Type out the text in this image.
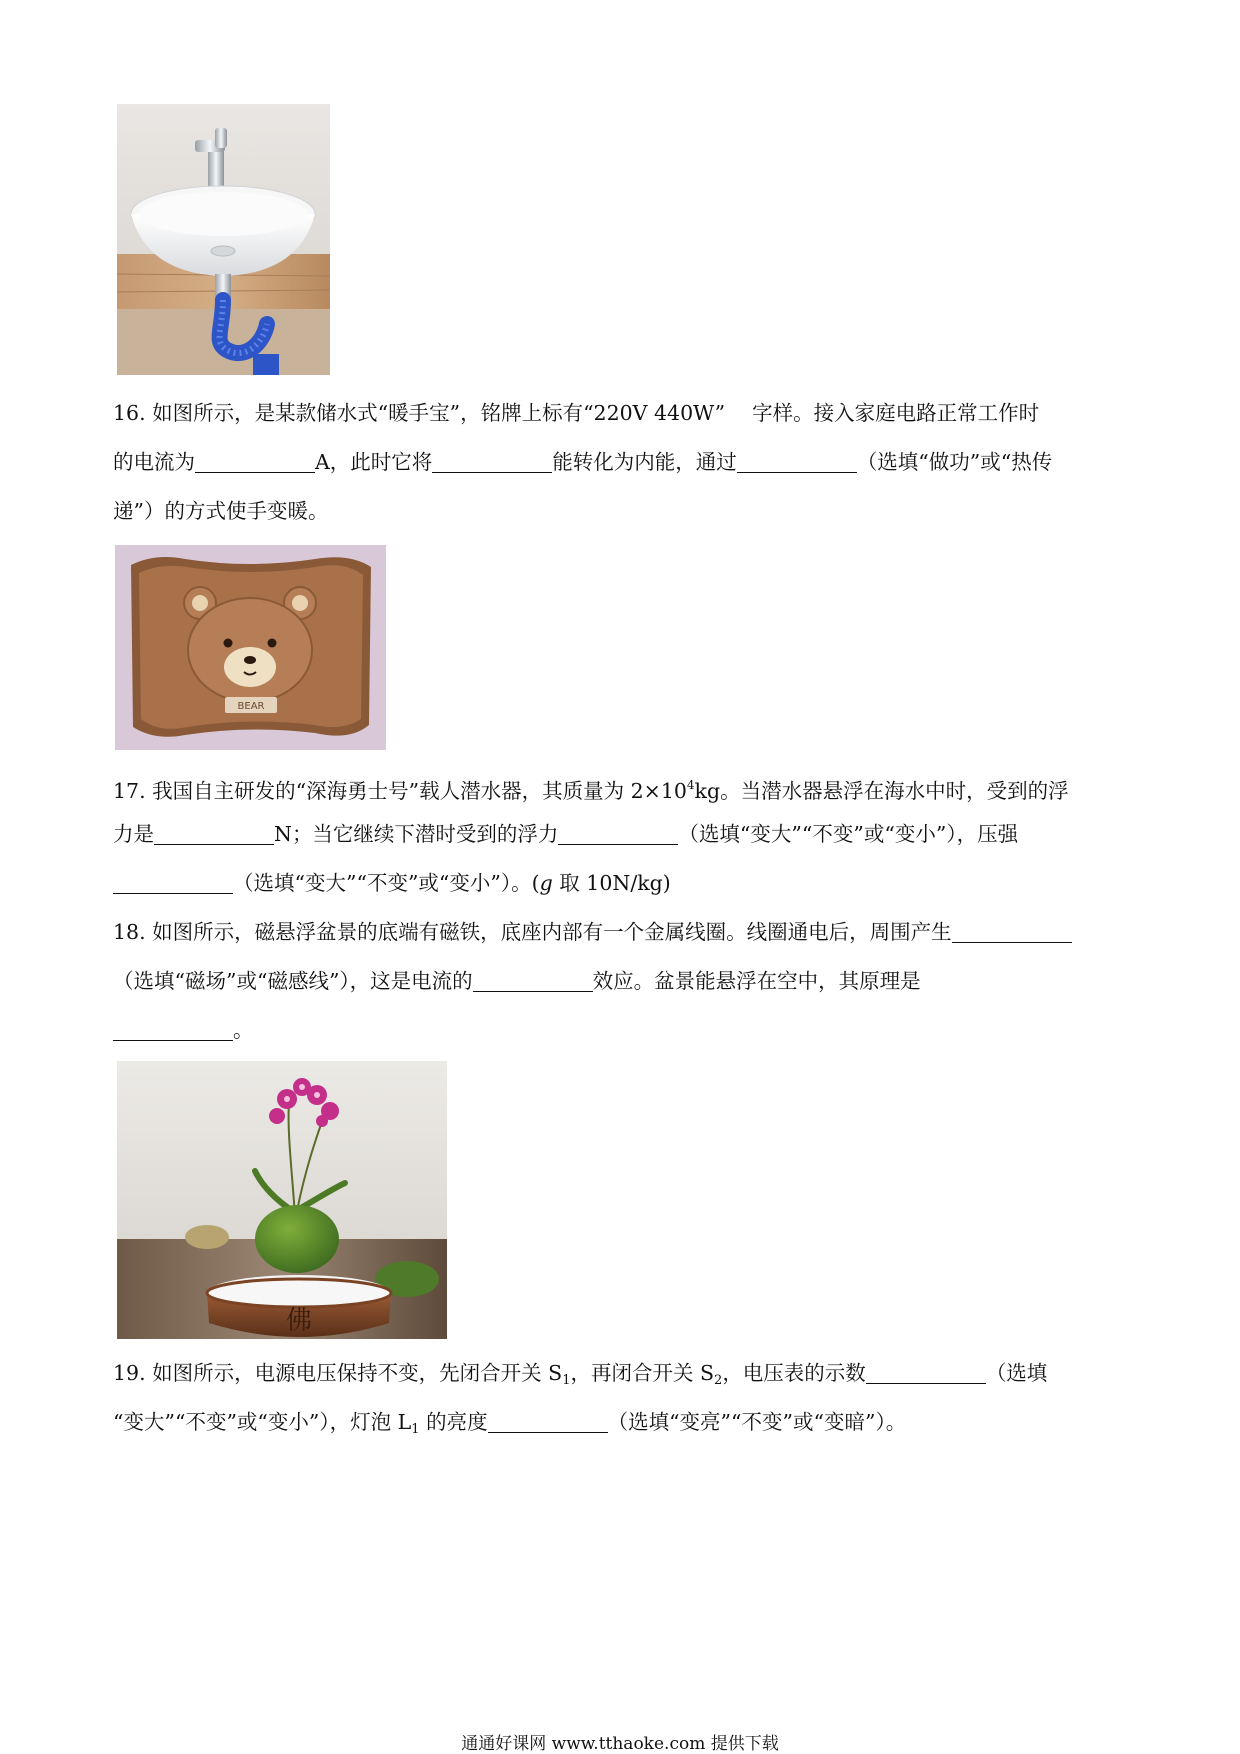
16. 如图所示，是某款储水式“暖手宝”，铭牌上标有“220V 440W”　 字样。接入家庭电路正常工作时
的电流为	A，此时它将	能转化为内能，通过	（选填“做功”或“热传
递”）的方式使手变暖。
BEAR
17. 我国自主研发的“深海勇士号”载人潜水器，其质量为 $2\times 10^4kg$。当潜水器悬浮在海水中时，受到的浮
力是	N；当它继续下潜时受到的浮力	（选填“变大”“不变”或“变小”），压强
（选填“变大”“不变”或“变小”）。(g 取 10N/kg)
18. 如图所示，磁悬浮盆景的底端有磁铁，底座内部有一个金属线圈。线圈通电后，周围产生
（选填“磁场”或“磁感线”），这是电流的	效应。盆景能悬浮在空中，其原理是
。
佛
19. 如图所示，电源电压保持不变，先闭合开关 $S_1$，再闭合开关 $S_2$，电压表的示数	（选填
“变大”“不变”或“变小”），灯泡 $L_1$ 的亮度	（选填“变亮”“不变”或“变暗”）。
通通好课网 www.tthaoke.com 提供下载
